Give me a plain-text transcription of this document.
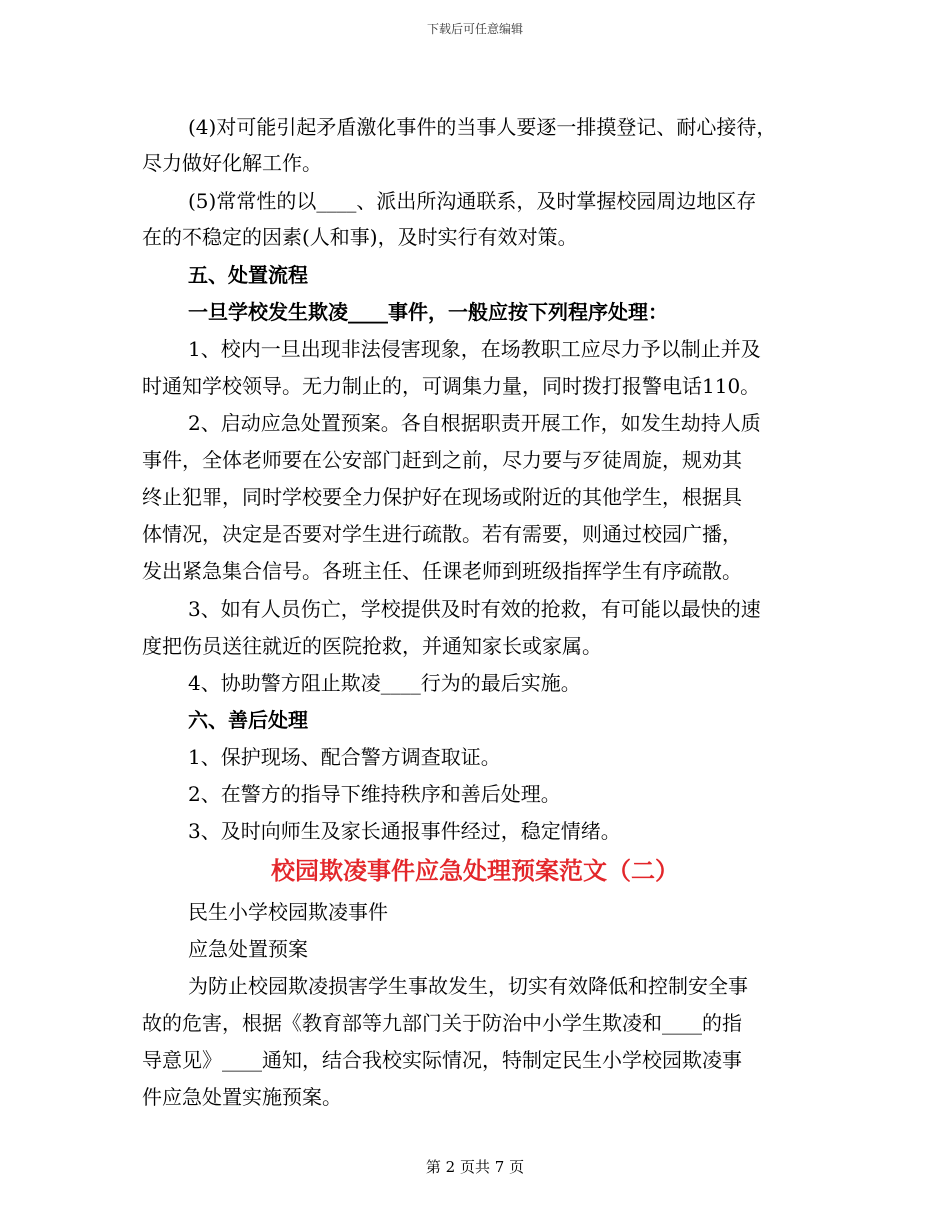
下载后可任意编辑
(4)对可能引起矛盾激化事件的当事人要逐一排摸登记、耐心接待，
尽力做好化解工作。
(5)常常性的以____、派出所沟通联系，及时掌握校园周边地区存
在的不稳定的因素(人和事)，及时实行有效对策。
五、处置流程
一旦学校发生欺凌____事件，一般应按下列程序处理：
1、校内一旦出现非法侵害现象，在场教职工应尽力予以制止并及
时通知学校领导。无力制止的，可调集力量，同时拨打报警电话110。
2、启动应急处置预案。各自根据职责开展工作，如发生劫持人质
事件，全体老师要在公安部门赶到之前，尽力要与歹徒周旋，规劝其
终止犯罪，同时学校要全力保护好在现场或附近的其他学生，根据具
体情况，决定是否要对学生进行疏散。若有需要，则通过校园广播，
发出紧急集合信号。各班主任、任课老师到班级指挥学生有序疏散。
3、如有人员伤亡，学校提供及时有效的抢救，有可能以最快的速
度把伤员送往就近的医院抢救，并通知家长或家属。
4、协助警方阻止欺凌____行为的最后实施。
六、善后处理
1、保护现场、配合警方调查取证。
2、在警方的指导下维持秩序和善后处理。
3、及时向师生及家长通报事件经过，稳定情绪。
校园欺凌事件应急处理预案范文（二）
民生小学校园欺凌事件
应急处置预案
为防止校园欺凌损害学生事故发生，切实有效降低和控制安全事
故的危害，根据《教育部等九部门关于防治中小学生欺凌和____的指
导意见》____通知，结合我校实际情况，特制定民生小学校园欺凌事
件应急处置实施预案。
第 2 页共 7 页
